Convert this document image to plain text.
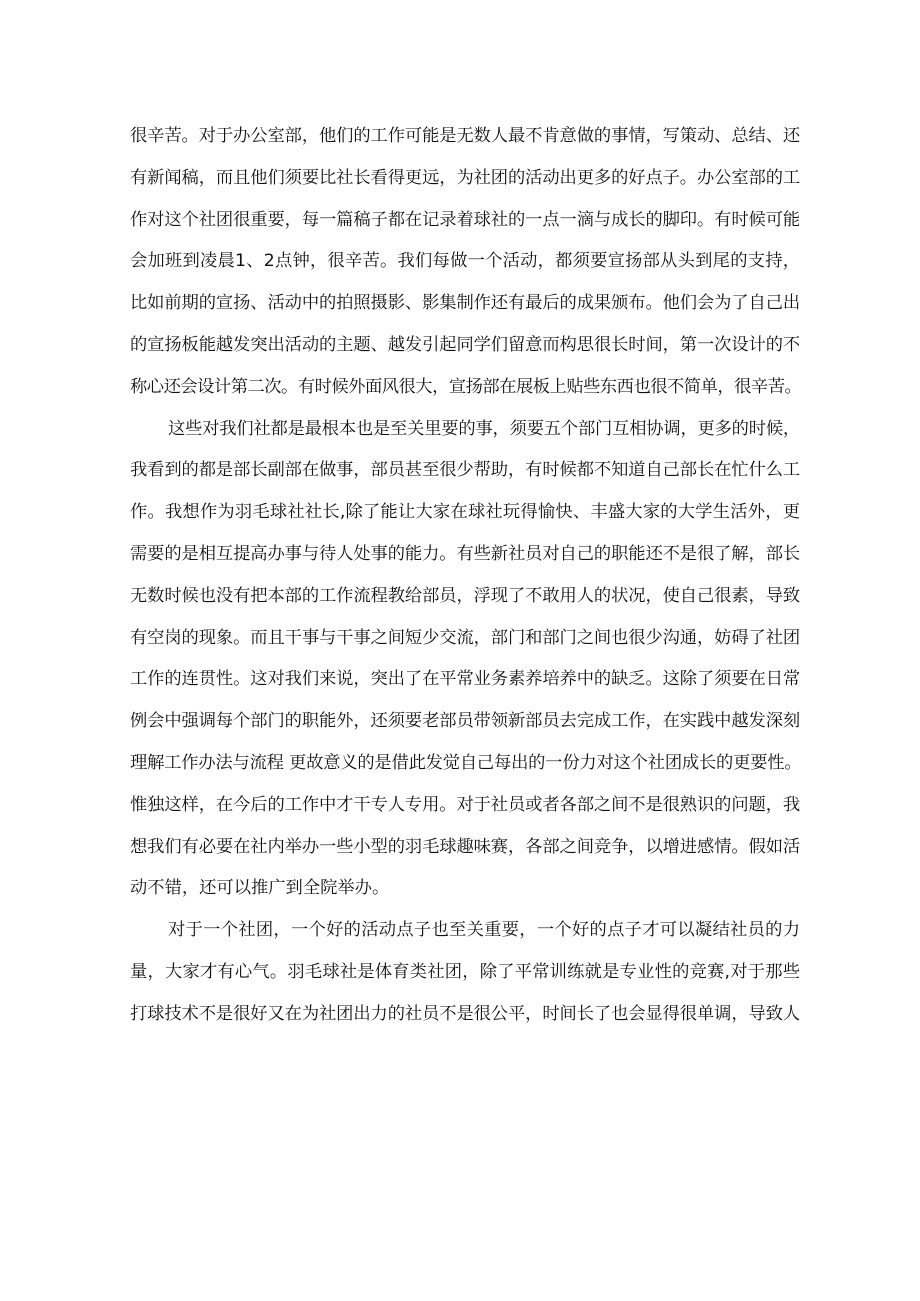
很辛苦。对于办公室部，他们的工作可能是无数人最不肯意做的事情，写策动、总结、还
有新闻稿，而且他们须要比社长看得更远，为社团的活动出更多的好点子。办公室部的工
作对这个社团很重要，每一篇稿子都在记录着球社的一点一滴与成长的脚印。有时候可能
会加班到凌晨1、2点钟，很辛苦。我们每做一个活动，都须要宣扬部从头到尾的支持，
比如前期的宣扬、活动中的拍照摄影、影集制作还有最后的成果颁布。他们会为了自己出
的宣扬板能越发突出活动的主题、越发引起同学们留意而构思很长时间，第一次设计的不
称心还会设计第二次。有时候外面风很大，宣扬部在展板上贴些东西也很不简单，很辛苦。
这些对我们社都是最根本也是至关里要的事，须要五个部门互相协调，更多的时候，
我看到的都是部长副部在做事，部员甚至很少帮助，有时候都不知道自己部长在忙什么工
作。我想作为羽毛球社社长,除了能让大家在球社玩得愉快、丰盛大家的大学生活外，更
需要的是相互提高办事与待人处事的能力。有些新社员对自己的职能还不是很了解，部长
无数时候也没有把本部的工作流程教给部员，浮现了不敢用人的状况，使自己很素，导致
有空岗的现象。而且干事与干事之间短少交流，部门和部门之间也很少沟通，妨碍了社团
工作的连贯性。这对我们来说，突出了在平常业务素养培养中的缺乏。这除了须要在日常
例会中强调每个部门的职能外，还须要老部员带领新部员去完成工作，在实践中越发深刻
理解工作办法与流程 更故意义的是借此发觉自己每出的一份力对这个社团成长的更要性。
惟独这样，在今后的工作中才干专人专用。对于社员或者各部之间不是很熟识的问题，我
想我们有必要在社内举办一些小型的羽毛球趣味赛，各部之间竞争，以增进感情。假如活
动不错，还可以推广到全院举办。
对于一个社团，一个好的活动点子也至关重要，一个好的点子才可以凝结社员的力
量，大家才有心气。羽毛球社是体育类社团，除了平常训练就是专业性的竞赛,对于那些
打球技术不是很好又在为社团出力的社员不是很公平，时间长了也会显得很单调，导致人
